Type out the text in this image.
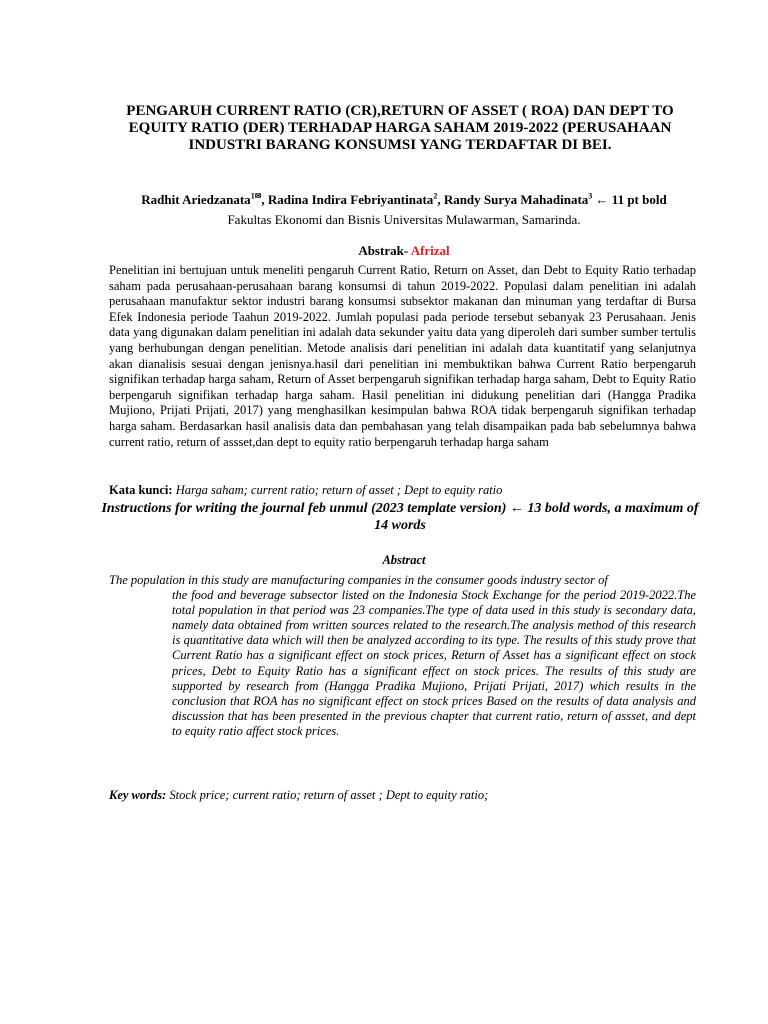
PENGARUH CURRENT RATIO (CR),RETURN OF ASSET ( ROA) DAN DEPT TO EQUITY RATIO (DER) TERHADAP HARGA SAHAM 2019-2022 (PERUSAHAAN INDUSTRI BARANG KONSUMSI YANG TERDAFTAR DI BEI.

Radhit Ariedzanata$^{1✉}$, Radina Indira Febriyantinata$^2$, Randy Surya Mahadinata$^3$ ← 11 pt bold

Fakultas Ekonomi dan Bisnis Universitas Mulawarman, Samarinda.

Abstrak- Afrizal

Penelitian ini bertujuan untuk meneliti pengaruh Current Ratio, Return on Asset, dan Debt to Equity Ratio terhadap saham pada perusahaan-perusahaan barang konsumsi di tahun 2019-2022. Populasi dalam penelitian ini adalah perusahaan manufaktur sektor industri barang konsumsi subsektor makanan dan minuman yang terdaftar di Bursa Efek Indonesia periode Taahun 2019-2022. Jumlah populasi pada periode tersebut sebanyak 23 Perusahaan. Jenis data yang digunakan dalam penelitian ini adalah data sekunder yaitu data yang diperoleh dari sumber sumber tertulis yang berhubungan dengan penelitian. Metode analisis dari penelitian ini adalah data kuantitatif yang selanjutnya akan dianalisis sesuai dengan jenisnya.hasil dari penelitian ini membuktikan bahwa Current Ratio berpengaruh signifikan terhadap harga saham, Return of Asset berpengaruh signifikan terhadap harga saham, Debt to Equity Ratio berpengaruh signifikan terhadap harga saham. Hasil penelitian ini didukung penelitian dari (Hangga Pradika Mujiono, Prijati Prijati, 2017) yang menghasilkan kesimpulan bahwa ROA tidak berpengaruh signifikan terhadap harga saham. Berdasarkan hasil analisis data dan pembahasan yang telah disampaikan pada bab sebelumnya bahwa current ratio, return of assset,dan dept to equity ratio berpengaruh terhadap harga saham

Kata kunci: Harga saham; current ratio; return of asset ; Dept to equity ratio

Instructions for writing the journal feb unmul (2023 template version) ← 13 bold words, a maximum of 14 words

Abstract

The population in this study are manufacturing companies in the consumer goods industry sector of
the food and beverage subsector listed on the Indonesia Stock Exchange for the period 2019-2022.The total population in that period was 23 companies.The type of data used in this study is secondary data, namely data obtained from written sources related to the research.The analysis method of this research is quantitative data which will then be analyzed according to its type. The results of this study prove that Current Ratio has a significant effect on stock prices, Return of Asset has a significant effect on stock prices, Debt to Equity Ratio has a significant effect on stock prices. The results of this study are supported by research from (Hangga Pradika Mujiono, Prijati Prijati, 2017) which results in the conclusion that ROA has no significant effect on stock prices Based on the results of data analysis and discussion that has been presented in the previous chapter that current ratio, return of assset, and dept to equity ratio affect stock prices.

Key words: Stock price; current ratio; return of asset ; Dept to equity ratio;
